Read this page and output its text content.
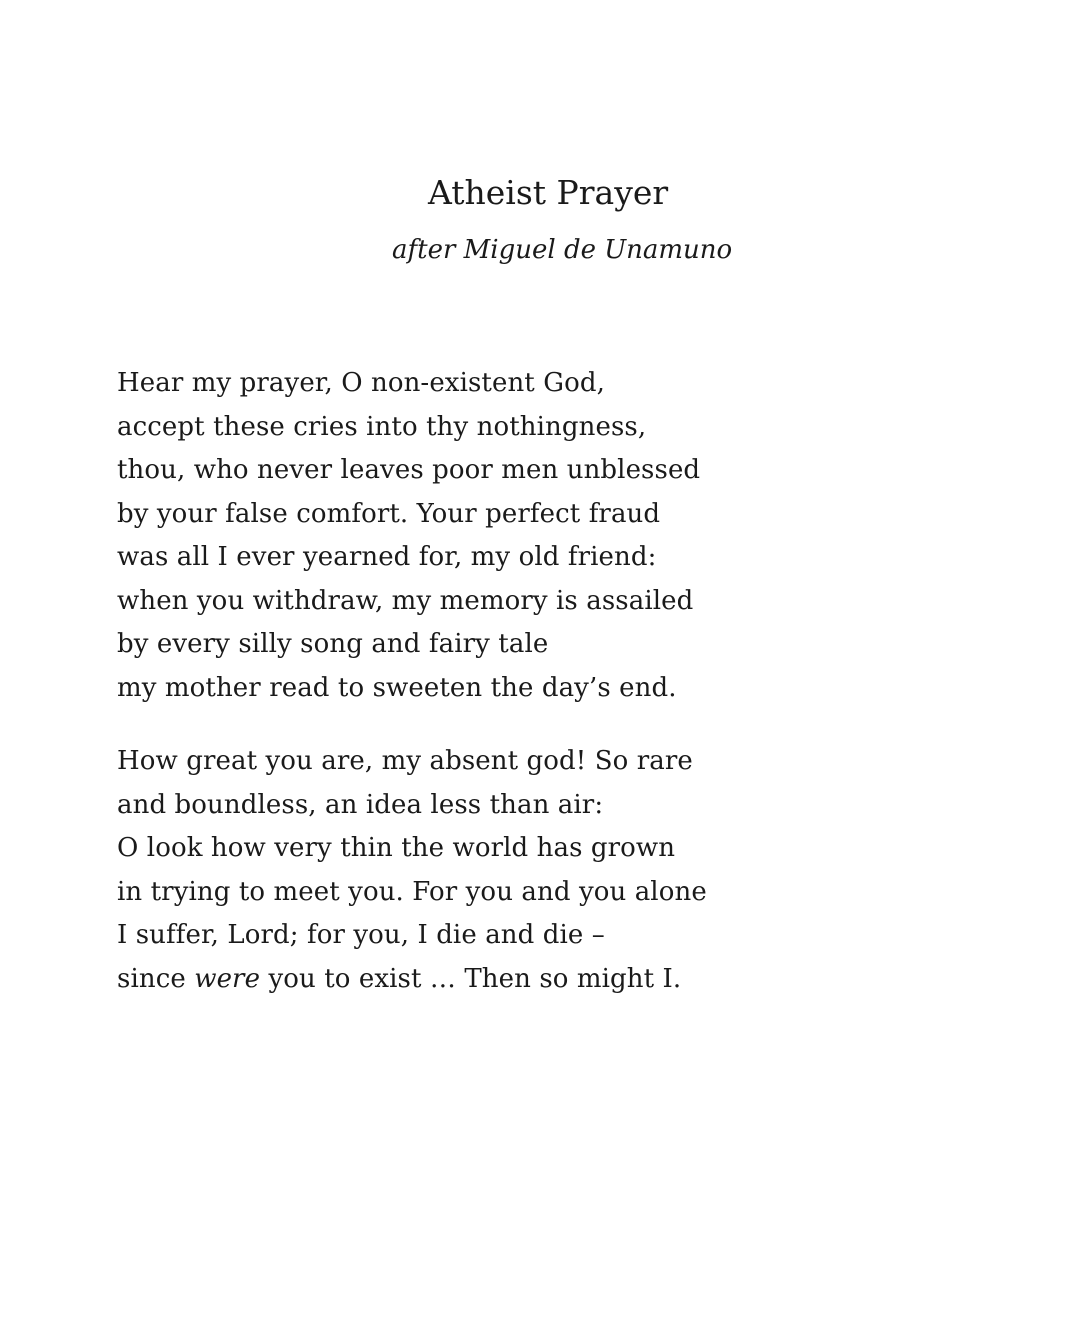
Atheist Prayer
after Miguel de Unamuno
Hear my prayer, O non-existent God,
accept these cries into thy nothingness,
thou, who never leaves poor men unblessed
by your false comfort. Your perfect fraud
was all I ever yearned for, my old friend:
when you withdraw, my memory is assailed
by every silly song and fairy tale
my mother read to sweeten the day’s end.
How great you are, my absent god! So rare
and boundless, an idea less than air:
O look how very thin the world has grown
in trying to meet you. For you and you alone
I suffer, Lord; for you, I die and die –
since were you to exist … Then so might I.
